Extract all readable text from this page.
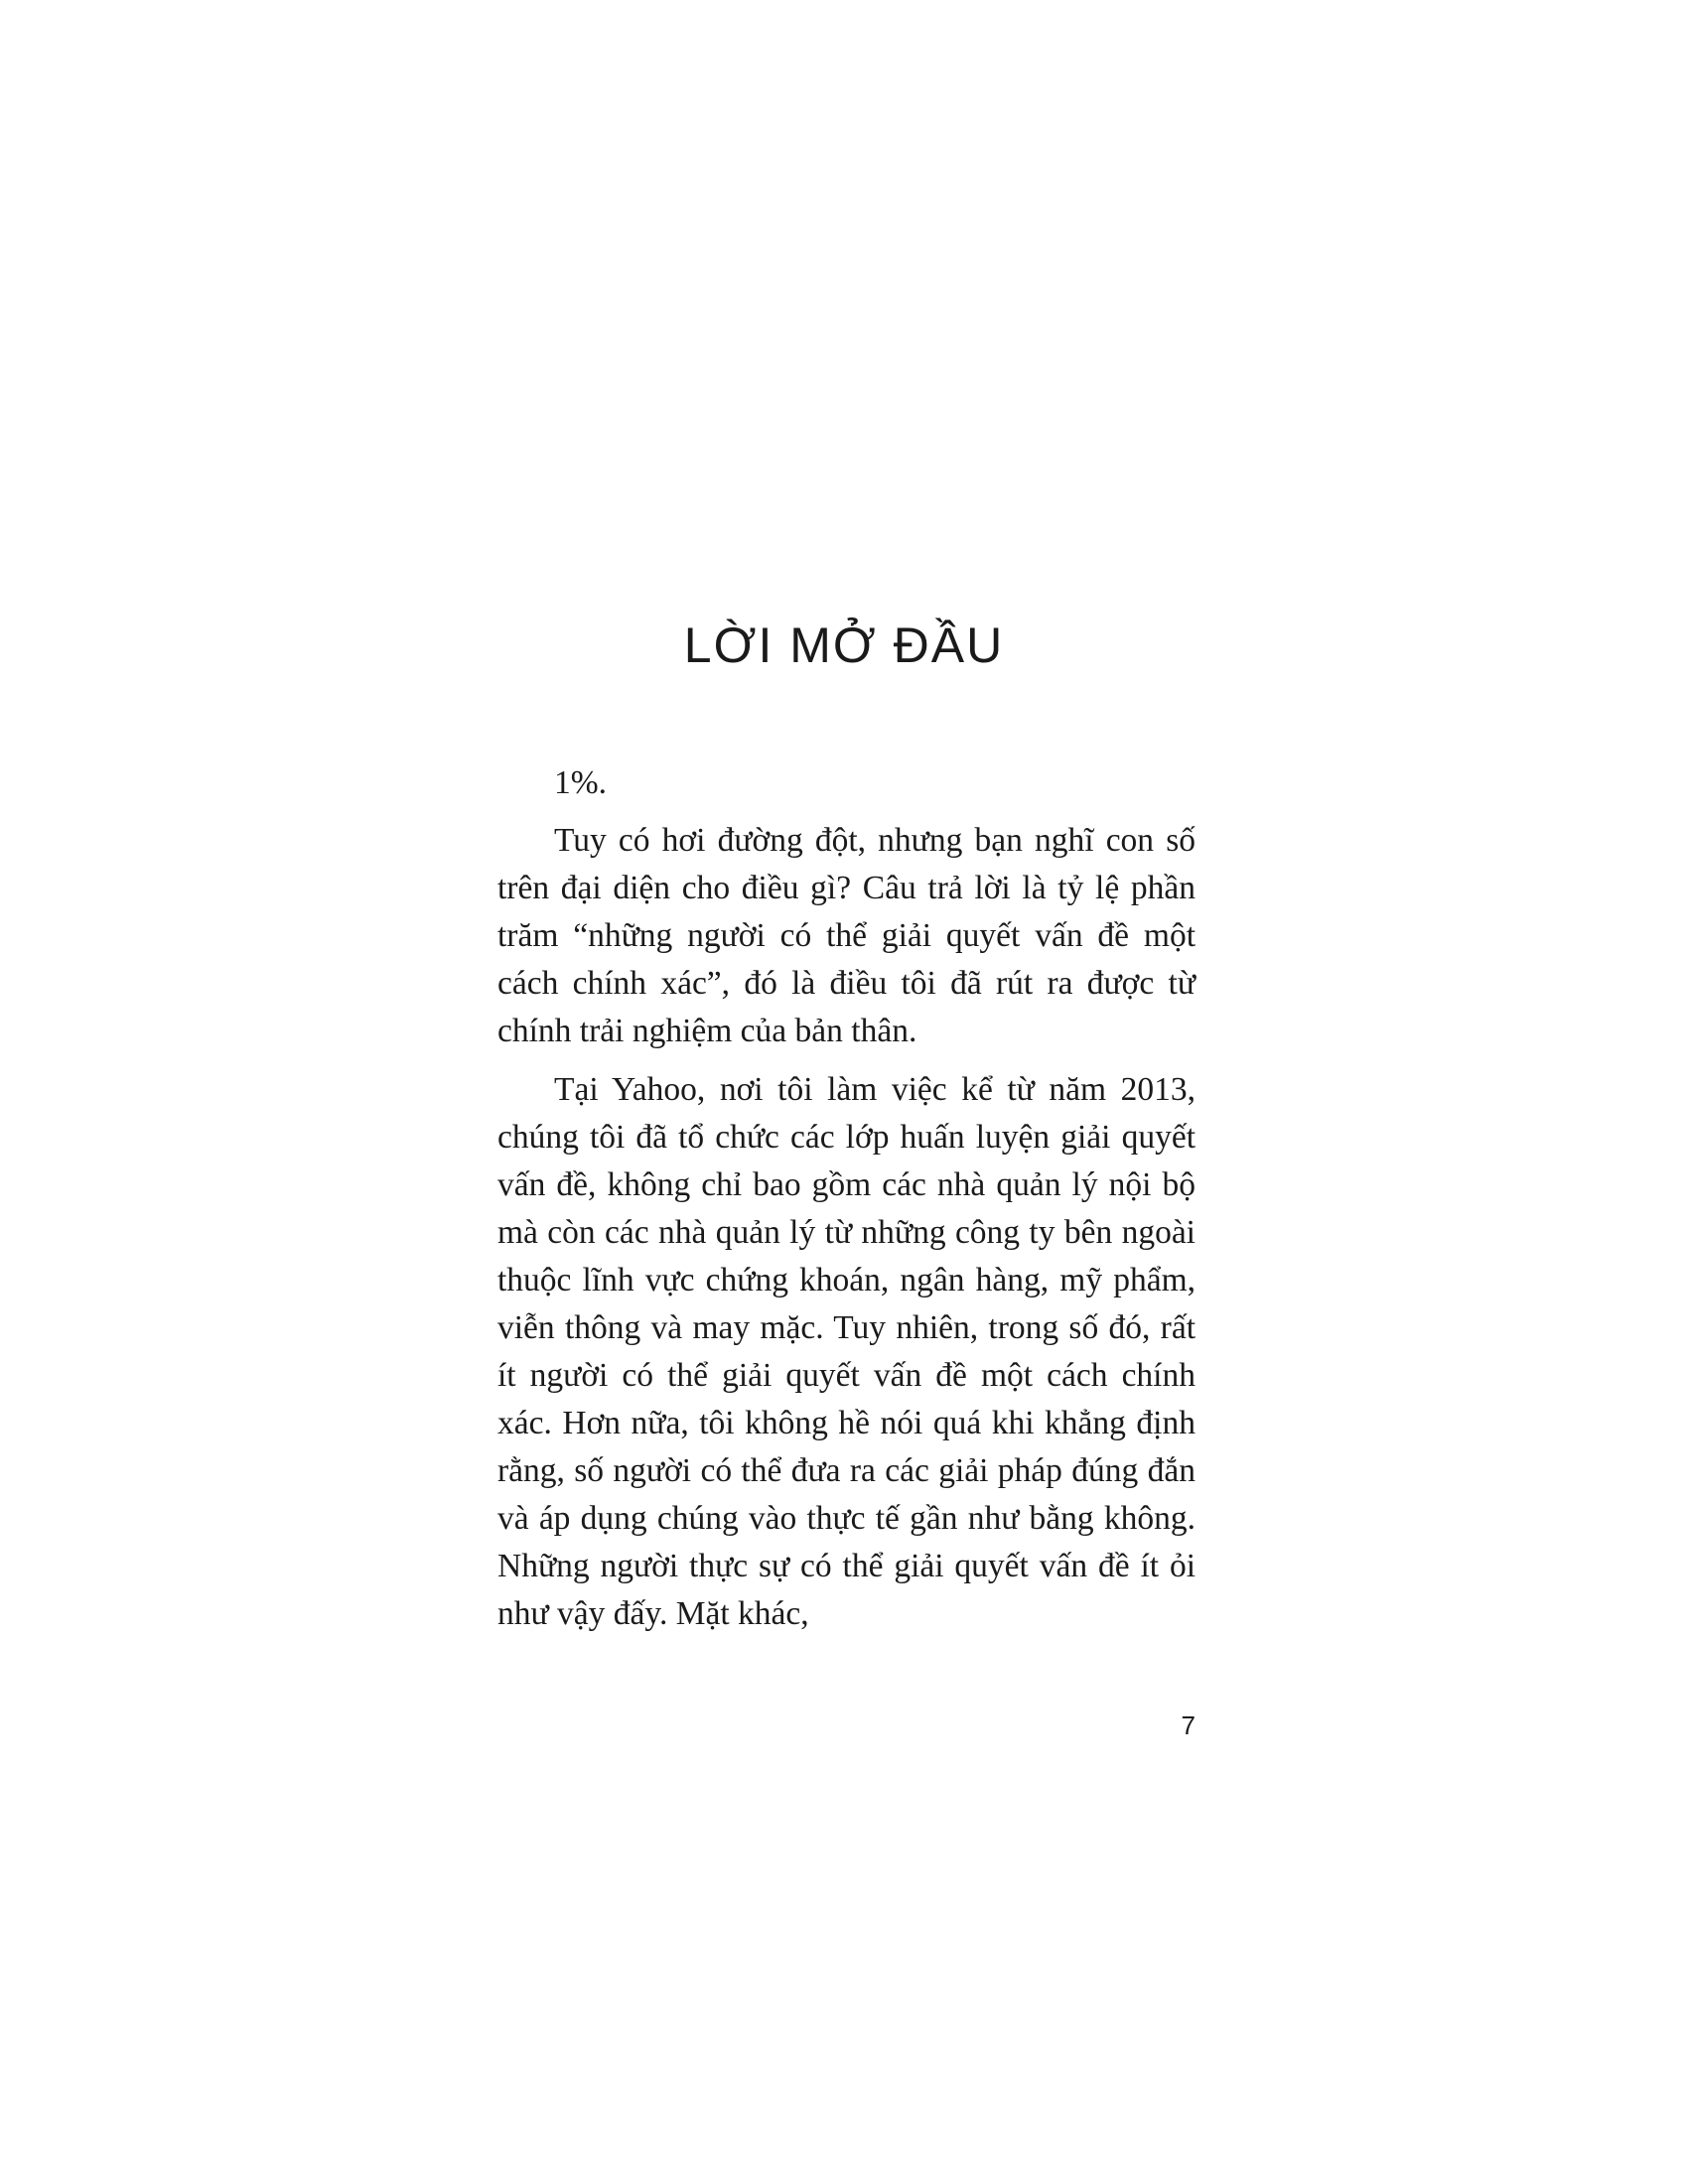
LỜI MỞ ĐẦU

1%.

Tuy có hơi đường đột, nhưng bạn nghĩ con số trên đại diện cho điều gì? Câu trả lời là tỷ lệ phần trăm “những người có thể giải quyết vấn đề một cách chính xác”, đó là điều tôi đã rút ra được từ chính trải nghiệm của bản thân.

Tại Yahoo, nơi tôi làm việc kể từ năm 2013, chúng tôi đã tổ chức các lớp huấn luyện giải quyết vấn đề, không chỉ bao gồm các nhà quản lý nội bộ mà còn các nhà quản lý từ những công ty bên ngoài thuộc lĩnh vực chứng khoán, ngân hàng, mỹ phẩm, viễn thông và may mặc. Tuy nhiên, trong số đó, rất ít người có thể giải quyết vấn đề một cách chính xác. Hơn nữa, tôi không hề nói quá khi khẳng định rằng, số người có thể đưa ra các giải pháp đúng đắn và áp dụng chúng vào thực tế gần như bằng không. Những người thực sự có thể giải quyết vấn đề ít ỏi như vậy đấy. Mặt khác,

7
